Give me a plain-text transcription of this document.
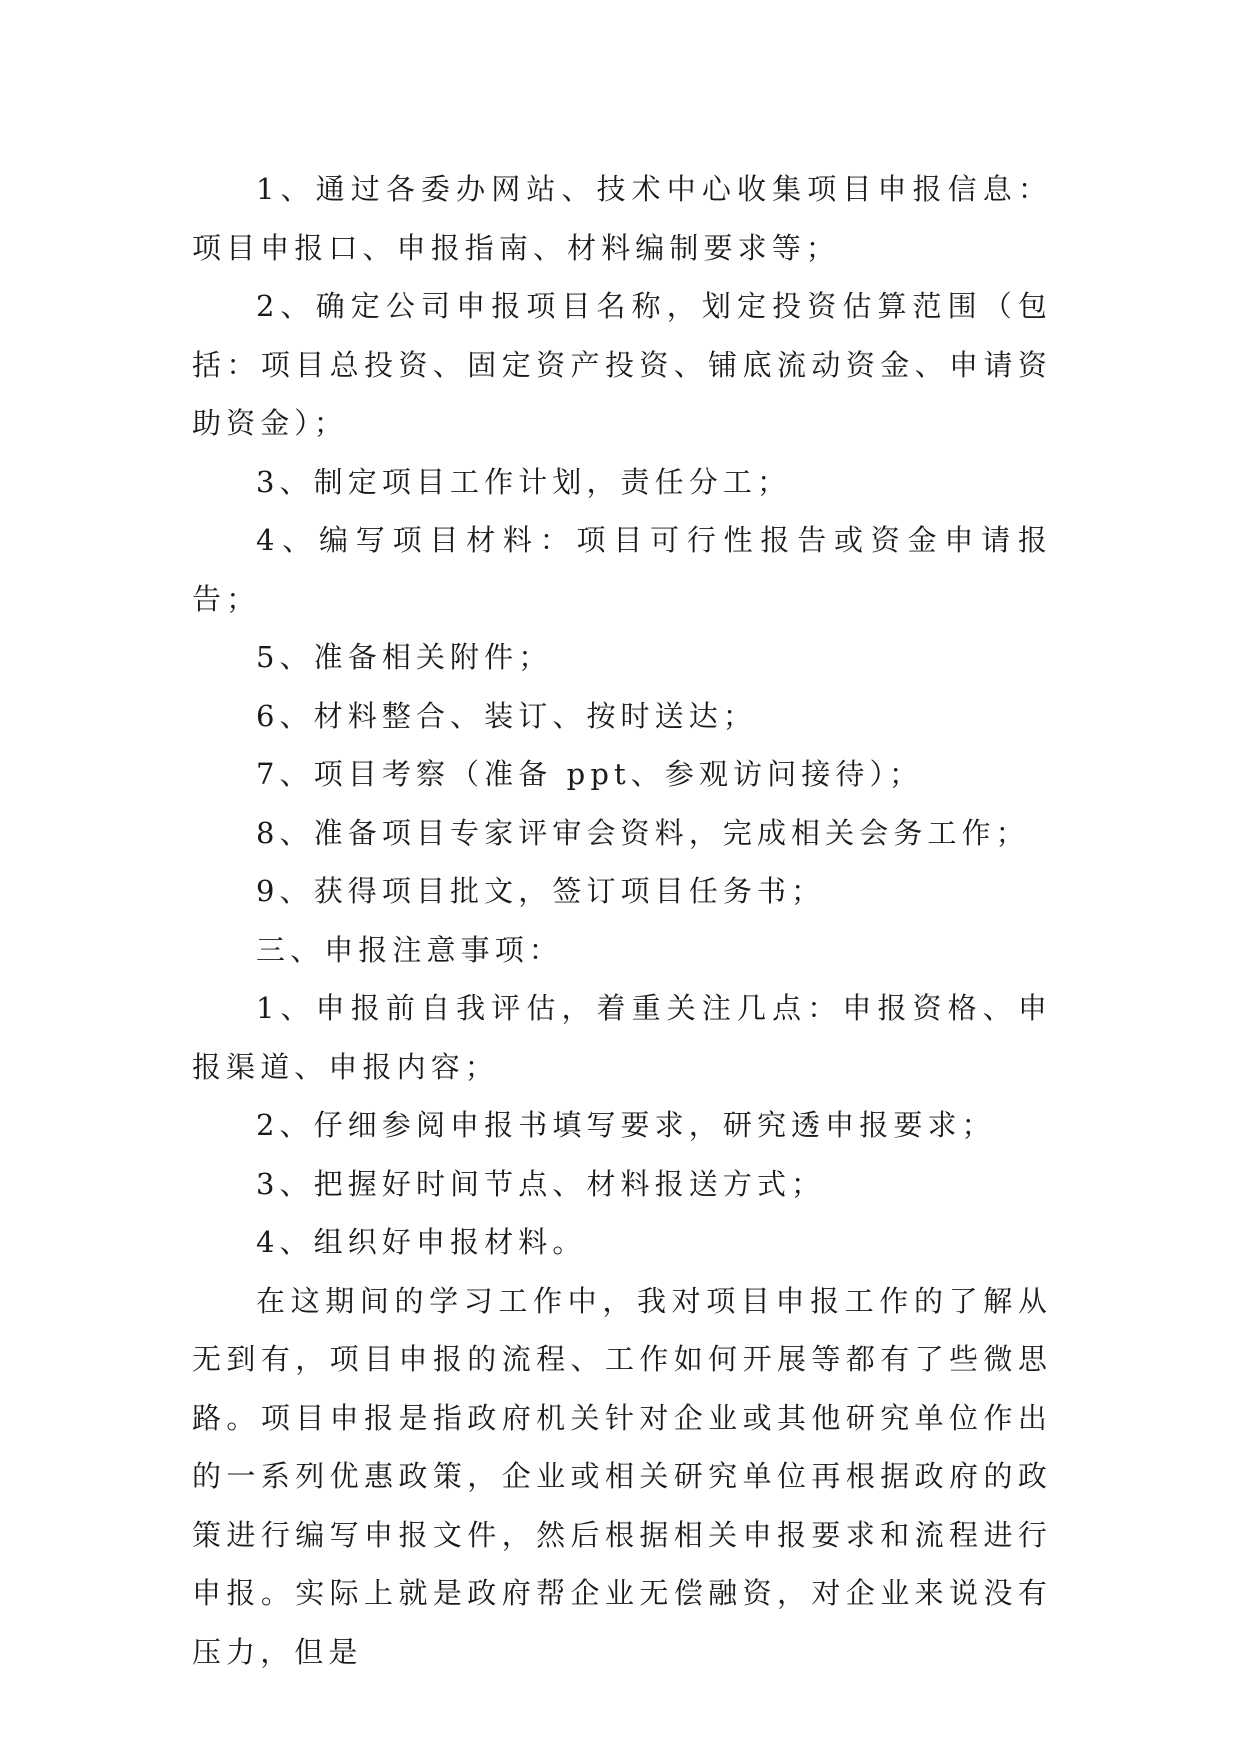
1、通过各委办网站、技术中心收集项目申报信息：项目申报口、申报指南、材料编制要求等；

2、确定公司申报项目名称，划定投资估算范围（包括：项目总投资、固定资产投资、铺底流动资金、申请资助资金）；

3、制定项目工作计划，责任分工；

4、编写项目材料：项目可行性报告或资金申请报告；

5、准备相关附件；

6、材料整合、装订、按时送达；

7、项目考察（准备 ppt、参观访问接待）；

8、准备项目专家评审会资料，完成相关会务工作；

9、获得项目批文，签订项目任务书；

三、申报注意事项：

1、申报前自我评估，着重关注几点：申报资格、申报渠道、申报内容；

2、仔细参阅申报书填写要求，研究透申报要求；

3、把握好时间节点、材料报送方式；

4、组织好申报材料。

在这期间的学习工作中，我对项目申报工作的了解从无到有，项目申报的流程、工作如何开展等都有了些微思路。项目申报是指政府机关针对企业或其他研究单位作出的一系列优惠政策，企业或相关研究单位再根据政府的政策进行编写申报文件，然后根据相关申报要求和流程进行申报。实际上就是政府帮企业无偿融资，对企业来说没有压力，但是
